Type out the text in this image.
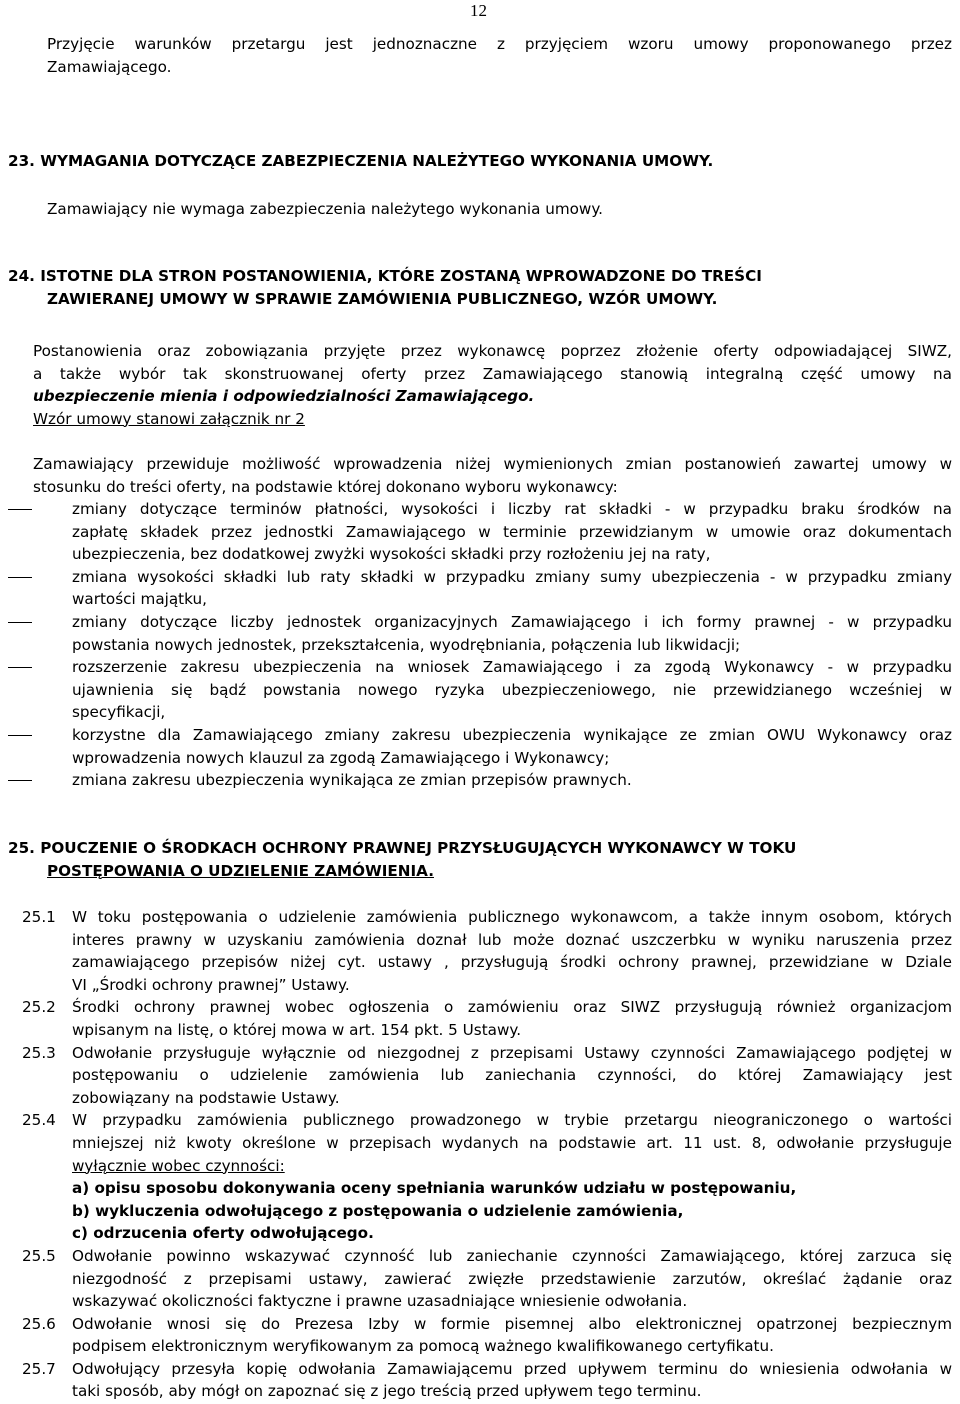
12
Przyjęcie warunków przetargu jest jednoznaczne z przyjęciem wzoru umowy proponowanego przez
Zamawiającego.
23. WYMAGANIA DOTYCZĄCE ZABEZPIECZENIA NALEŻYTEGO WYKONANIA UMOWY.
Zamawiający nie wymaga zabezpieczenia należytego wykonania umowy.
24. ISTOTNE DLA STRON POSTANOWIENIA, KTÓRE ZOSTANĄ WPROWADZONE DO TREŚCI
ZAWIERANEJ UMOWY W SPRAWIE ZAMÓWIENIA PUBLICZNEGO, WZÓR UMOWY.
Postanowienia oraz zobowiązania przyjęte przez wykonawcę poprzez złożenie oferty odpowiadającej SIWZ,
a także wybór tak skonstruowanej oferty przez Zamawiającego stanowią integralną część umowy na
ubezpieczenie mienia i odpowiedzialności Zamawiającego.
Wzór umowy stanowi załącznik nr 2
Zamawiający przewiduje możliwość wprowadzenia niżej wymienionych zmian postanowień zawartej umowy w
stosunku do treści oferty, na podstawie której dokonano wyboru wykonawcy:
zmiany dotyczące terminów płatności, wysokości i liczby rat składki - w przypadku braku środków na
zapłatę składek przez jednostki Zamawiającego w terminie przewidzianym w umowie oraz dokumentach
ubezpieczenia, bez dodatkowej zwyżki wysokości składki przy rozłożeniu jej na raty,
zmiana wysokości składki lub raty składki w przypadku zmiany sumy ubezpieczenia - w przypadku zmiany
wartości majątku,
zmiany dotyczące liczby jednostek organizacyjnych Zamawiającego i ich formy prawnej - w przypadku
powstania nowych jednostek, przekształcenia, wyodrębniania, połączenia lub likwidacji;
rozszerzenie zakresu ubezpieczenia na wniosek Zamawiającego i za zgodą Wykonawcy - w przypadku
ujawnienia się bądź powstania nowego ryzyka ubezpieczeniowego, nie przewidzianego wcześniej w
specyfikacji,
korzystne dla Zamawiającego zmiany zakresu ubezpieczenia wynikające ze zmian OWU Wykonawcy oraz
wprowadzenia nowych klauzul za zgodą Zamawiającego i Wykonawcy;
zmiana zakresu ubezpieczenia wynikająca ze zmian przepisów prawnych.
25. POUCZENIE O ŚRODKACH OCHRONY PRAWNEJ PRZYSŁUGUJĄCYCH WYKONAWCY W TOKU
POSTĘPOWANIA O UDZIELENIE ZAMÓWIENIA.
25.1	W toku postępowania o udzielenie zamówienia publicznego wykonawcom, a także innym osobom, których
interes prawny w uzyskaniu zamówienia doznał lub może doznać uszczerbku w wyniku naruszenia przez
zamawiającego przepisów niżej cyt. ustawy , przysługują środki ochrony prawnej, przewidziane w Dziale
VI „Środki ochrony prawnej” Ustawy.
25.2	Środki ochrony prawnej wobec ogłoszenia o zamówieniu oraz SIWZ przysługują również organizacjom
wpisanym na listę, o której mowa w art. 154 pkt. 5 Ustawy.
25.3	Odwołanie przysługuje wyłącznie od niezgodnej z przepisami Ustawy czynności Zamawiającego podjętej w
postępowaniu o udzielenie zamówienia lub zaniechania czynności, do której Zamawiający jest
zobowiązany na podstawie Ustawy.
25.4	W przypadku zamówienia publicznego prowadzonego w trybie przetargu nieograniczonego o wartości
mniejszej niż kwoty określone w przepisach wydanych na podstawie art. 11 ust. 8, odwołanie przysługuje
wyłącznie wobec czynności:
a) opisu sposobu dokonywania oceny spełniania warunków udziału w postępowaniu,
b) wykluczenia odwołującego z postępowania o udzielenie zamówienia,
c) odrzucenia oferty odwołującego.
25.5	Odwołanie powinno wskazywać czynność lub zaniechanie czynności Zamawiającego, której zarzuca się
niezgodność z przepisami ustawy, zawierać zwięzłe przedstawienie zarzutów, określać żądanie oraz
wskazywać okoliczności faktyczne i prawne uzasadniające wniesienie odwołania.
25.6	Odwołanie wnosi się do Prezesa Izby w formie pisemnej albo elektronicznej opatrzonej bezpiecznym
podpisem elektronicznym weryfikowanym za pomocą ważnego kwalifikowanego certyfikatu.
25.7	Odwołujący przesyła kopię odwołania Zamawiającemu przed upływem terminu do wniesienia odwołania w
taki sposób, aby mógł on zapoznać się z jego treścią przed upływem tego terminu.
